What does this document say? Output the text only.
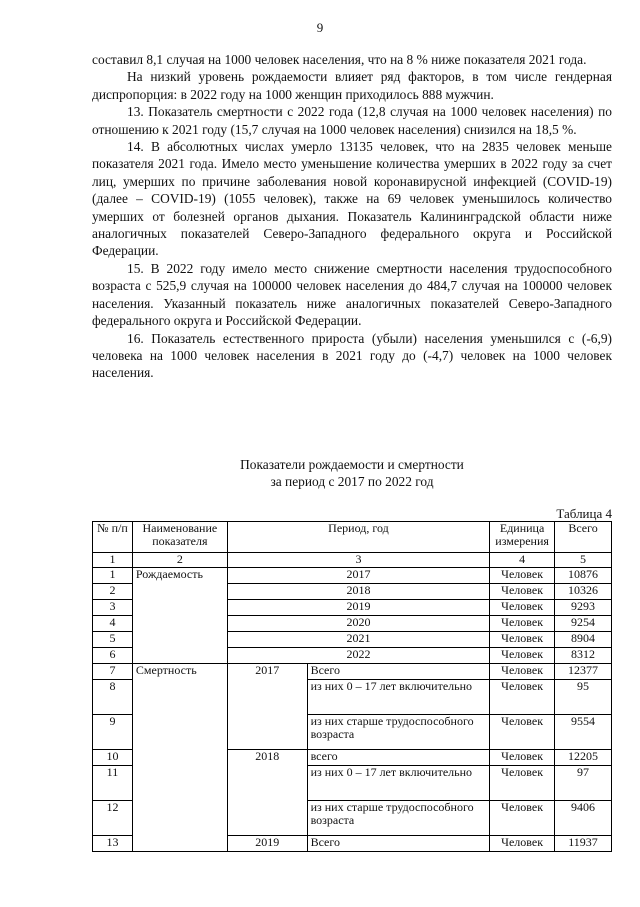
9

составил 8,1 случая на 1000 человек населения, что на 8 % ниже показателя 2021 года.

На низкий уровень рождаемости влияет ряд факторов, в том числе гендерная диспропорция: в 2022 году на 1000 женщин приходилось 888 мужчин.

13. Показатель смертности с 2022 года (12,8 случая на 1000 человек населения) по отношению к 2021 году (15,7 случая на 1000 человек населения) снизился на 18,5 %.

14. В абсолютных числах умерло 13135 человек, что на 2835 человек меньше показателя 2021 года. Имело место уменьшение количества умерших в 2022 году за счет лиц, умерших по причине заболевания новой коронавирусной инфекцией (COVID-19) (далее – COVID-19) (1055 человек), также на 69 человек уменьшилось количество умерших от болезней органов дыхания. Показатель Калининградской области ниже аналогичных показателей Северо-Западного федерального округа и Российской Федерации.

15. В 2022 году имело место снижение смертности населения трудоспособного возраста с 525,9 случая на 100000 человек населения до 484,7 случая на 100000 человек населения. Указанный показатель ниже аналогичных показателей Северо-Западного федерального округа и Российской Федерации.

16. Показатель естественного прироста (убыли) населения уменьшился с (-6,9) человека на 1000 человек населения в 2021 году до (-4,7) человек на 1000 человек населения.

Показатели рождаемости и смертности
за период с 2017 по 2022 год
Таблица 4
№ п/п	Наименование показателя	Период, год		Единица измерения	Всего
1	2	3		4	5
1	Рождаемость	2017		Человек	10876
2		2018		Человек	10326
3		2019		Человек	9293
4		2020		Человек	9254
5		2021		Человек	8904
6		2022		Человек	8312
7	Смертность	2017	Всего	Человек	12377
8			из них 0 – 17 лет включительно	Человек	95
9			из них старше трудоспособного возраста	Человек	9554
10		2018	всего	Человек	12205
11			из них 0 – 17 лет включительно	Человек	97
12			из них старше трудоспособного возраста	Человек	9406
13		2019	Всего	Человек	11937
